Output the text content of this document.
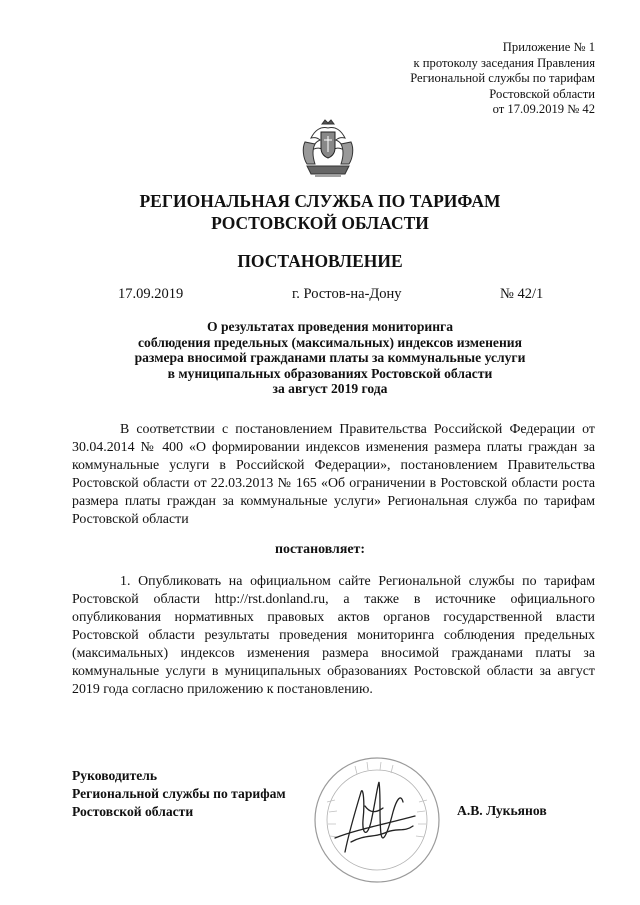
Приложение № 1
к протоколу заседания Правления
Региональной службы по тарифам
Ростовской области
от 17.09.2019 № 42
РЕГИОНАЛЬНАЯ СЛУЖБА ПО ТАРИФАМ
РОСТОВСКОЙ ОБЛАСТИ
ПОСТАНОВЛЕНИЕ
17.09.2019	г. Ростов-на-Дону	№ 42/1
О результатах проведения мониторинга
соблюдения предельных (максимальных) индексов изменения
размера вносимой гражданами платы за коммунальные услуги
в муниципальных образованиях Ростовской области
за август 2019 года

В соответствии с постановлением Правительства Российской Федерации от 30.04.2014 № 400 «О формировании индексов изменения размера платы граждан за коммунальные услуги в Российской Федерации», постановлением Правительства Ростовской области от 22.03.2013 № 165 «Об ограничении в Ростовской области роста размера платы граждан за коммунальные услуги» Региональная служба по тарифам Ростовской области

постановляет:

1. Опубликовать на официальном сайте Региональной службы по тарифам Ростовской области http://rst.donland.ru, а также в источнике официального опубликования нормативных правовых актов органов государственной власти Ростовской области результаты проведения мониторинга соблюдения предельных (максимальных) индексов изменения размера вносимой гражданами платы за коммунальные услуги в муниципальных образованиях Ростовской области за август 2019 года согласно приложению к постановлению.

Руководитель
Региональной службы по тарифам
Ростовской области	А.В. Лукьянов
